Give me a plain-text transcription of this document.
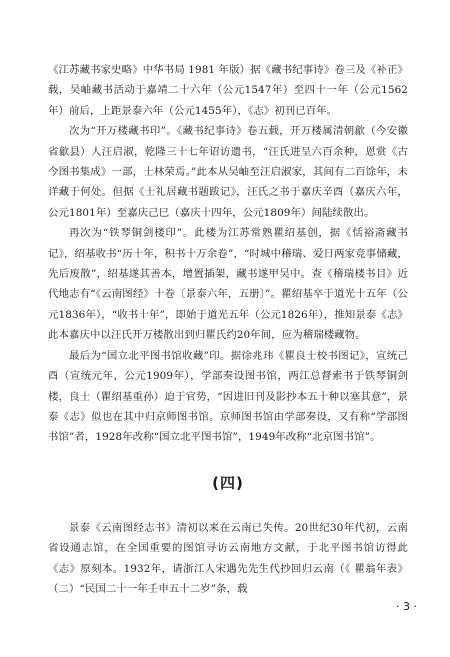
《江苏藏书家史略》中华书局 1981 年版）据《藏书纪事诗》卷三及《补正》载，吴岫藏书活动于嘉靖二十六年（公元1547年）至四十一年（公元1562年）前后，上距景泰六年（公元1455年），《志》初刊已百年。

次为“开万楼藏书印”。《藏书纪事诗》卷五载，开万楼属清朝歙（今安徽省歙县）人汪启淑，乾隆三十七年诏访遗书，“汪氏进呈六百余种，恩赏《古今图书集成》一部，士林荣焉。”此本从吴岫至汪启淑家，其间有二百馀年，未详藏于何处。但据《士礼居藏书题跋记》，汪氏之书于嘉庆辛酉（嘉庆六年，公元1801年）至嘉庆己巳（嘉庆十四年，公元1809年）间陆续散出。

再次为“铁琴铜剑楼印”。此楼为江苏常熟瞿绍基创，据《恬裕斋藏书记》，绍基收书“历十年，积书十万余卷”，“时城中稽瑞、爱日两家竞事储藏，先后废散”，绍基遂其善本，增置插架，藏书遂甲吴中。查《稽瑞楼书目》近代地志有“《云南图经》十卷〔景泰六年，五册〕”。瞿绍基卒于道光十五年（公元1836年），“收书十年”，即始于道光五年（公元1826年），推知景泰《志》此本嘉庆中以汪氏开万楼散出到归瞿氏约20年间，应为稽瑞楼藏物。

最后为“国立北平图书馆收藏”印。据徐兆玮《瞿良士校书图记》，宣统己酉（宣统元年，公元1909年），学部奏设图书馆，两江总督索书于铁琴铜剑楼，良士（瞿绍基重孙）迫于官势，“因进旧刊及影抄本五十种以塞其意”，景泰《志》似也在其中归京师图书馆。京师图书馆由学部奏设，又有称“学部图书馆”者，1928年改称“国立北平图书馆”，1949年改称“北京图书馆”。

(四)

景泰《云南图经志书》清初以来在云南已失传。20世纪30年代初，云南省设通志馆，在全国重要的图馆寻访云南地方文献，于北平图书馆访得此《志》原刻本。1932年，请浙江人宋遇先先生代抄回归云南（《 瞿翁年表》（二）“民国二十一年壬申五十二岁”条，载

· 3 ·
